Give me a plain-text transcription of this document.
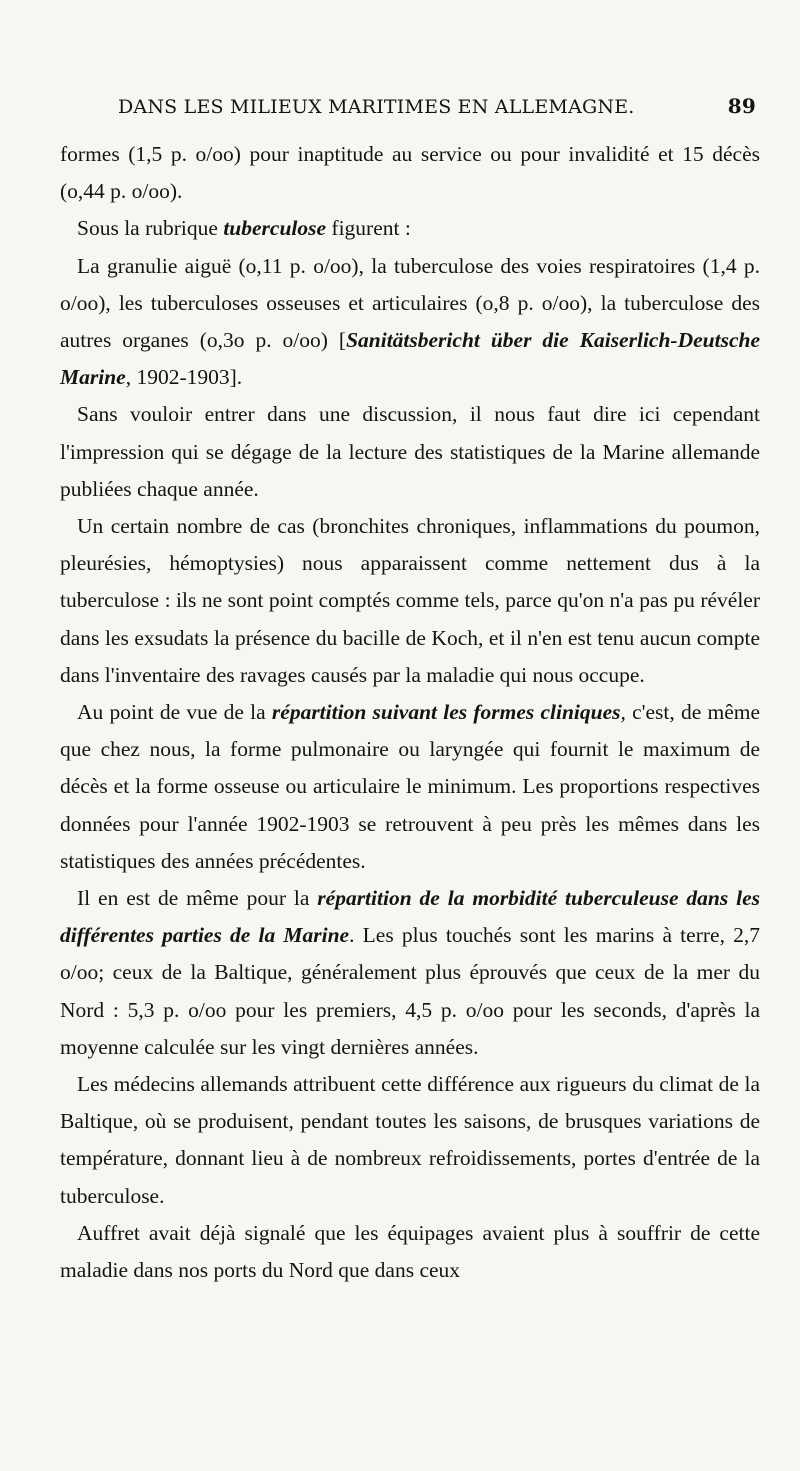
DANS LES MILIEUX MARITIMES EN ALLEMAGNE.	89

formes (1,5 p. o/oo) pour inaptitude au service ou pour invalidité et 15 décès (o,44 p. o/oo).

Sous la rubrique tuberculose figurent :

La granulie aiguë (o,11 p. o/oo), la tuberculose des voies respiratoires (1,4 p. o/oo), les tuberculoses osseuses et articulaires (o,8 p. o/oo), la tuberculose des autres organes (o,3o p. o/oo) [Sanitätsbericht über die Kaiserlich-Deutsche Marine, 1902-1903].

Sans vouloir entrer dans une discussion, il nous faut dire ici cependant l'impression qui se dégage de la lecture des statistiques de la Marine allemande publiées chaque année.

Un certain nombre de cas (bronchites chroniques, inflammations du poumon, pleurésies, hémoptysies) nous apparaissent comme nettement dus à la tuberculose : ils ne sont point comptés comme tels, parce qu'on n'a pas pu révéler dans les exsudats la présence du bacille de Koch, et il n'en est tenu aucun compte dans l'inventaire des ravages causés par la maladie qui nous occupe.

Au point de vue de la répartition suivant les formes cliniques, c'est, de même que chez nous, la forme pulmonaire ou laryngée qui fournit le maximum de décès et la forme osseuse ou articulaire le minimum. Les proportions respectives données pour l'année 1902-1903 se retrouvent à peu près les mêmes dans les statistiques des années précédentes.

Il en est de même pour la répartition de la morbidité tuberculeuse dans les différentes parties de la Marine. Les plus touchés sont les marins à terre, 2,7 o/oo; ceux de la Baltique, généralement plus éprouvés que ceux de la mer du Nord : 5,3 p. o/oo pour les premiers, 4,5 p. o/oo pour les seconds, d'après la moyenne calculée sur les vingt dernières années.

Les médecins allemands attribuent cette différence aux rigueurs du climat de la Baltique, où se produisent, pendant toutes les saisons, de brusques variations de température, donnant lieu à de nombreux refroidissements, portes d'entrée de la tuberculose.

Auffret avait déjà signalé que les équipages avaient plus à souffrir de cette maladie dans nos ports du Nord que dans ceux
